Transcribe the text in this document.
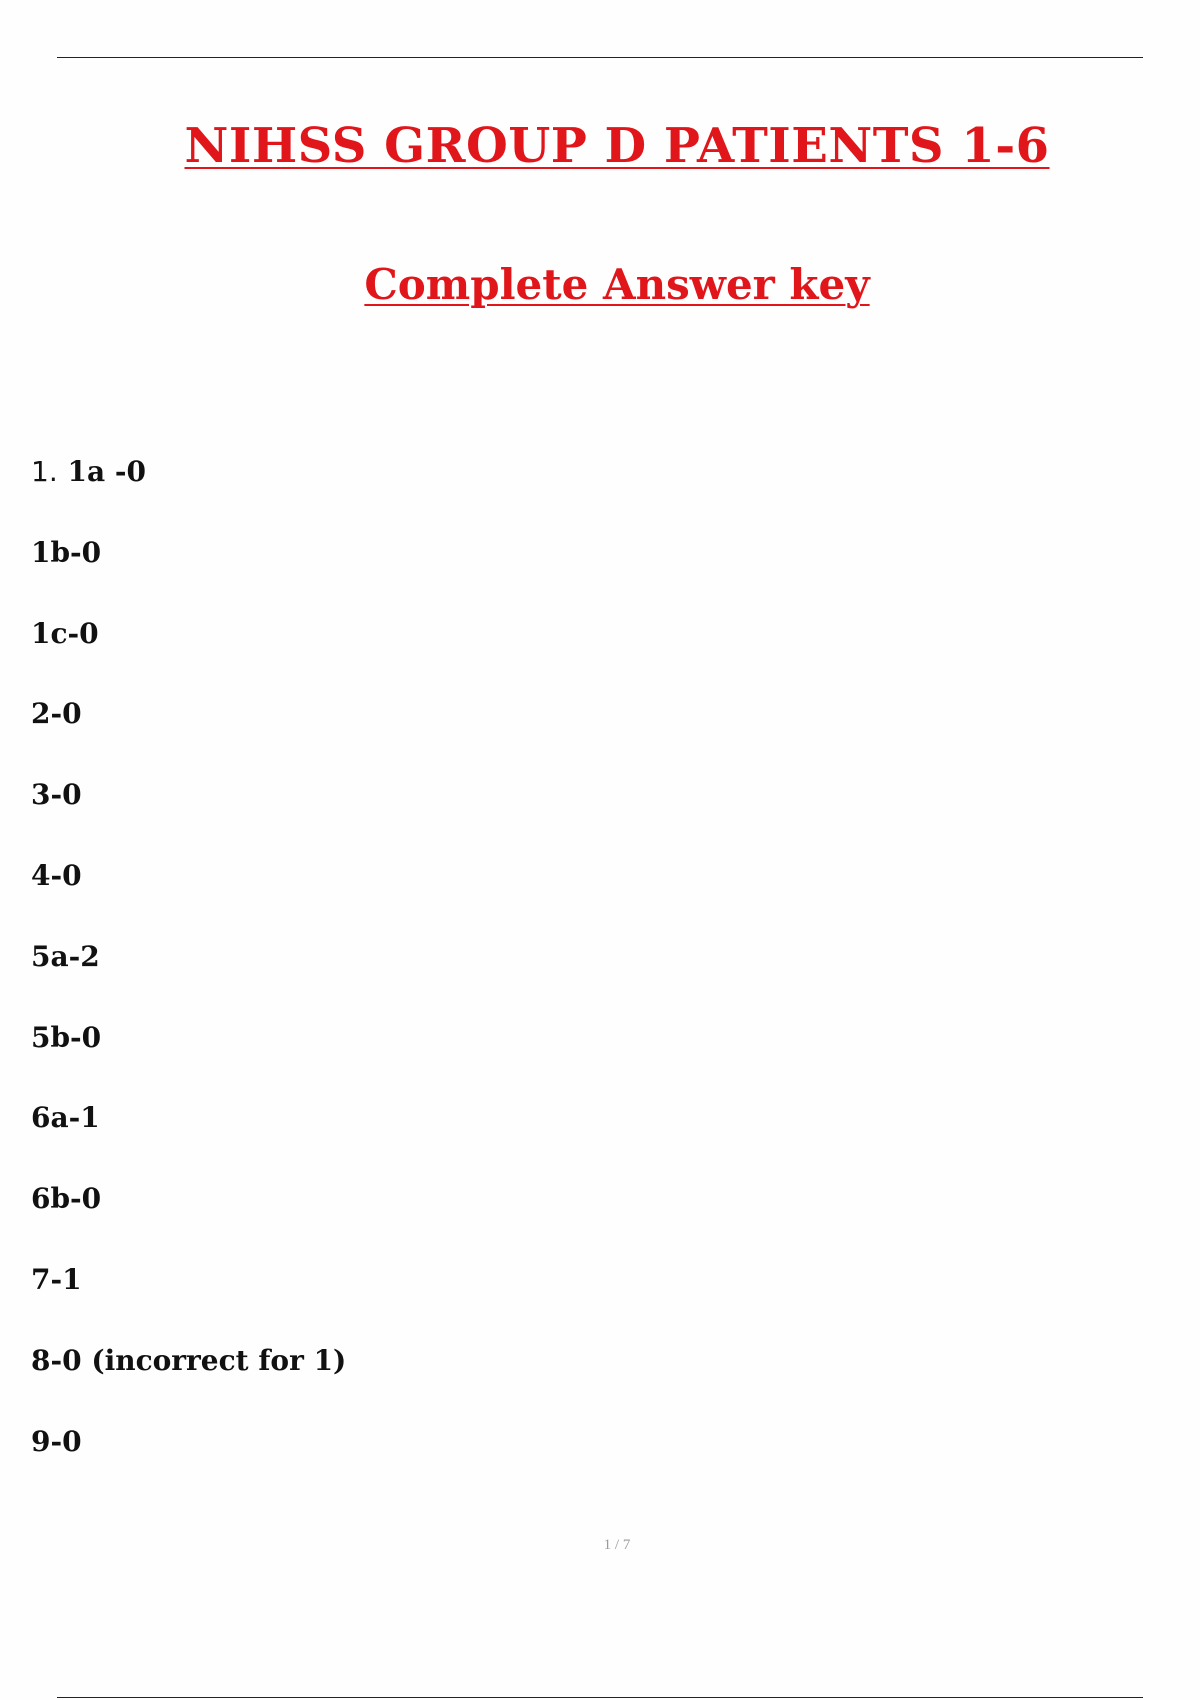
NIHSS GROUP D PATIENTS 1-6
Complete Answer key
1. 1a -0
1b-0
1c-0
2-0
3-0
4-0
5a-2
5b-0
6a-1
6b-0
7-1
8-0 (incorrect for 1)
9-0
1 / 7
